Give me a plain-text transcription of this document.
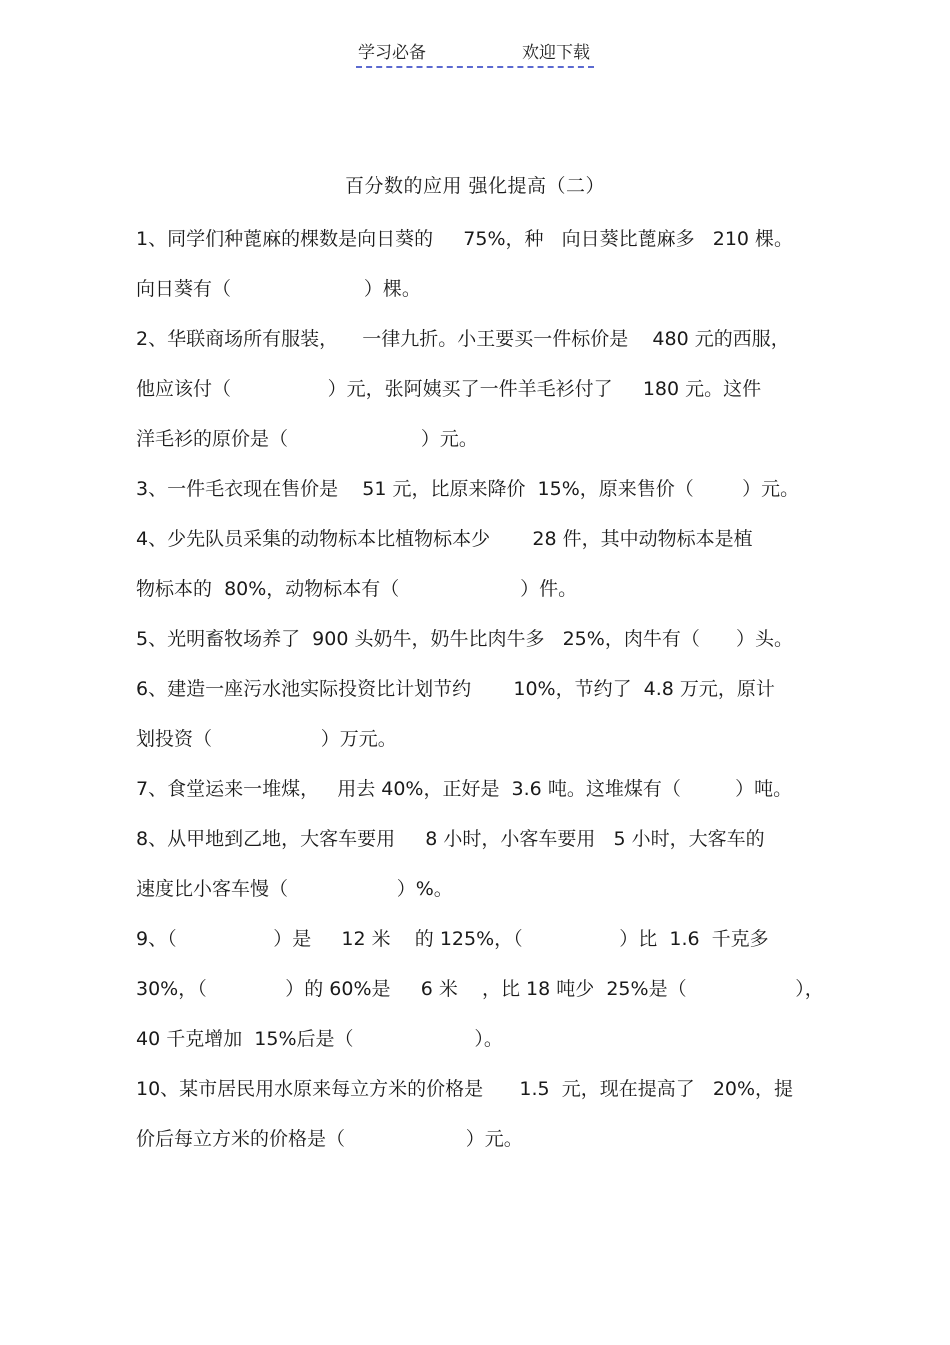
学习必备	欢迎下载
百分数的应用 强化提高（二）
1、同学们种蓖麻的棵数是向日葵的     75%，种   向日葵比蓖麻多   210 棵。
向日葵有（                      ）棵。
2、华联商场所有服装，    一律九折。小王要买一件标价是    480 元的西服，
他应该付（                ）元，张阿姨买了一件羊毛衫付了     180 元。这件
洋毛衫的原价是（                      ）元。
3、一件毛衣现在售价是    51 元，比原来降价  15%，原来售价（        ）元。
4、少先队员采集的动物标本比植物标本少       28 件，其中动物标本是植
物标本的  80%，动物标本有（                    ）件。
5、光明畜牧场养了  900 头奶牛，奶牛比肉牛多   25%，肉牛有（      ）头。
6、建造一座污水池实际投资比计划节约       10%，节约了  4.8 万元，原计
划投资（                  ）万元。
7、食堂运来一堆煤，   用去 40%，正好是  3.6 吨。这堆煤有（         ）吨。
8、从甲地到乙地，大客车要用     8 小时，小客车要用   5 小时，大客车的
速度比小客车慢（                  ）%。
9、（                ）是     12 米    的 125%，（                ）比  1.6  千克多
30%，（             ）的 60%是     6 米    ，比 18 吨少  25%是（                  ），
40 千克增加  15%后是（                    ）。
10、某市居民用水原来每立方米的价格是      1.5  元，现在提高了   20%，提
价后每立方米的价格是（                    ）元。
